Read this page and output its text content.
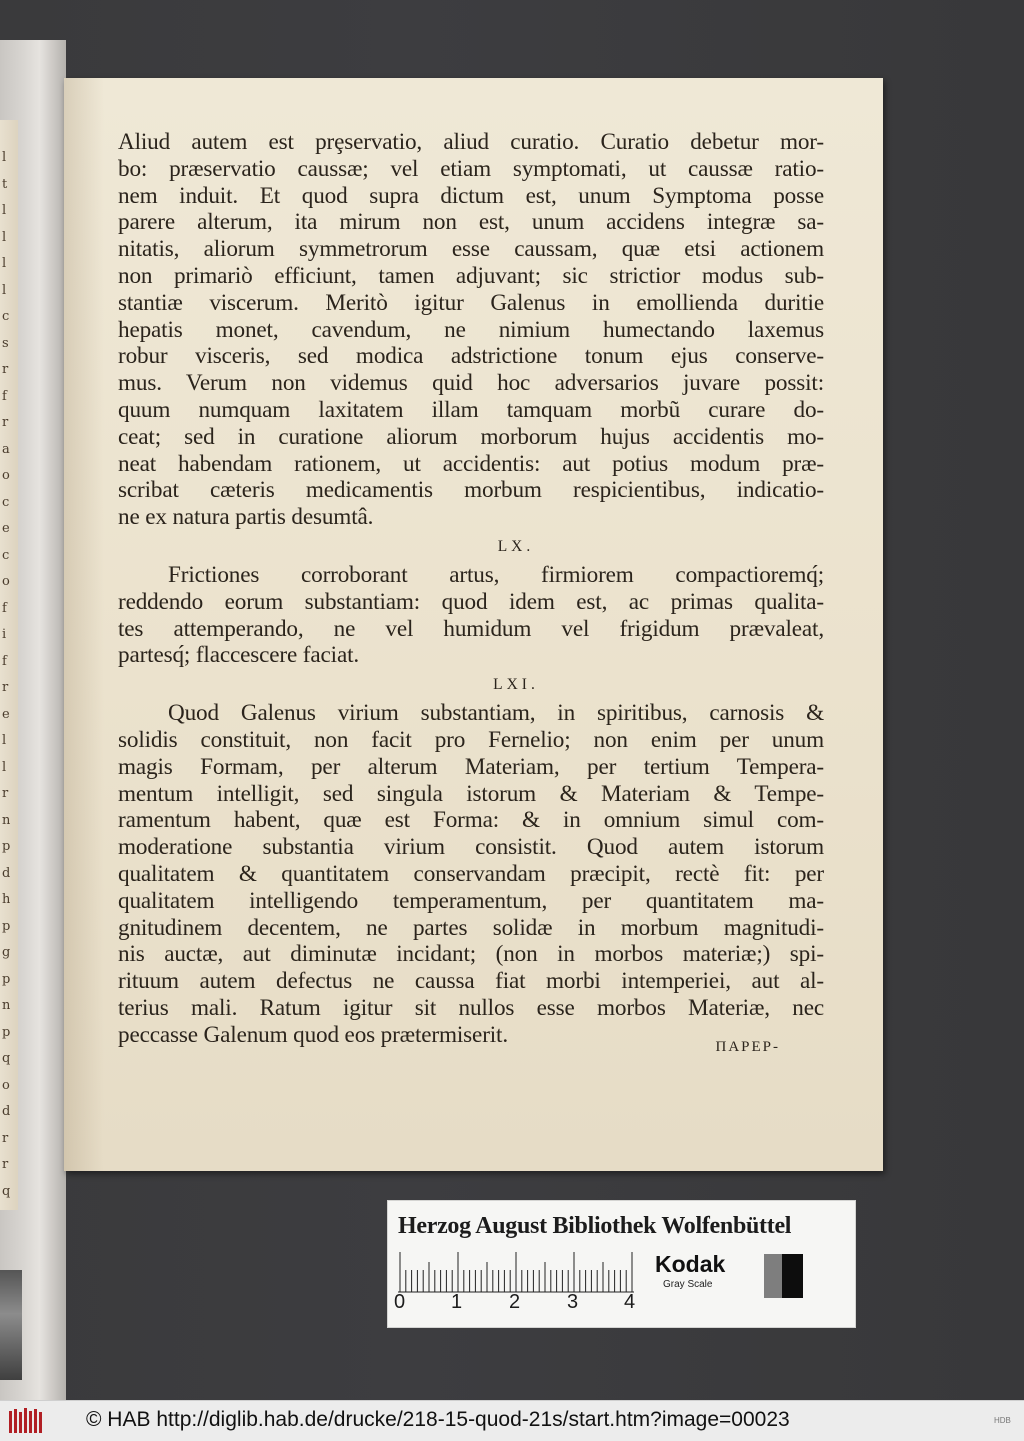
l
t
l
l
l
l
c
s
r
f
r
a
o
c
e
c
o
f
i
f
r
e
l
l
r
n
p
d
h
p
g
p
n
p
q
o
d
r
r
q
Aliud autem est prȩservatio, aliud curatio. Curatio debetur mor-
bo: præservatio caussæ; vel etiam symptomati, ut caussæ ratio-
nem induit. Et quod supra dictum est, unum Symptoma posse
parere alterum, ita mirum non est, unum accidens integræ sa-
nitatis, aliorum symmetrorum esse caussam, quæ etsi actionem
non primariò efficiunt, tamen adjuvant; sic strictior modus sub-
stantiæ viscerum. Meritò igitur Galenus in emollienda duritie
hepatis monet, cavendum, ne nimium humectando laxemus
robur visceris, sed modica adstrictione tonum ejus conserve-
mus. Verum non videmus quid hoc adversarios juvare possit:
quum numquam laxitatem illam tamquam morbũ curare do-
ceat; sed in curatione aliorum morborum hujus accidentis mo-
neat habendam rationem, ut accidentis: aut potius modum præ-
scribat cæteris medicamentis morbum respicientibus, indicatio-
ne ex natura partis desumtâ.
LX.
Frictiones corroborant artus, firmiorem compactioremq́;
reddendo eorum substantiam: quod idem est, ac primas qualita-
tes attemperando, ne vel humidum vel frigidum prævaleat,
partesq́; flaccescere faciat.
LXI.
Quod Galenus virium substantiam, in spiritibus, carnosis &
solidis constituit, non facit pro Fernelio; non enim per unum
magis Formam, per alterum Materiam, per tertium Tempera-
mentum intelligit, sed singula istorum & Materiam & Tempe-
ramentum habent, quæ est Forma: & in omnium simul com-
moderatione substantia virium consistit. Quod autem istorum
qualitatem & quantitatem conservandam præcipit, rectè fit: per
qualitatem intelligendo temperamentum, per quantitatem ma-
gnitudinem decentem, ne partes solidæ in morbum magnitudi-
nis auctæ, aut diminutæ incidant; (non in morbos materiæ;) spi-
rituum autem defectus ne caussa fiat morbi intemperiei, aut al-
terius mali. Ratum igitur sit nullos esse morbos Materiæ, nec
peccasse Galenum quod eos prætermiserit.	ΠΑΡΕΡ-
Herzog August Bibliothek Wolfenbüttel
0 1 2 3 4
Kodak
Gray Scale
© HAB http://diglib.hab.de/drucke/218-15-quod-21s/start.htm?image=00023	HDB
